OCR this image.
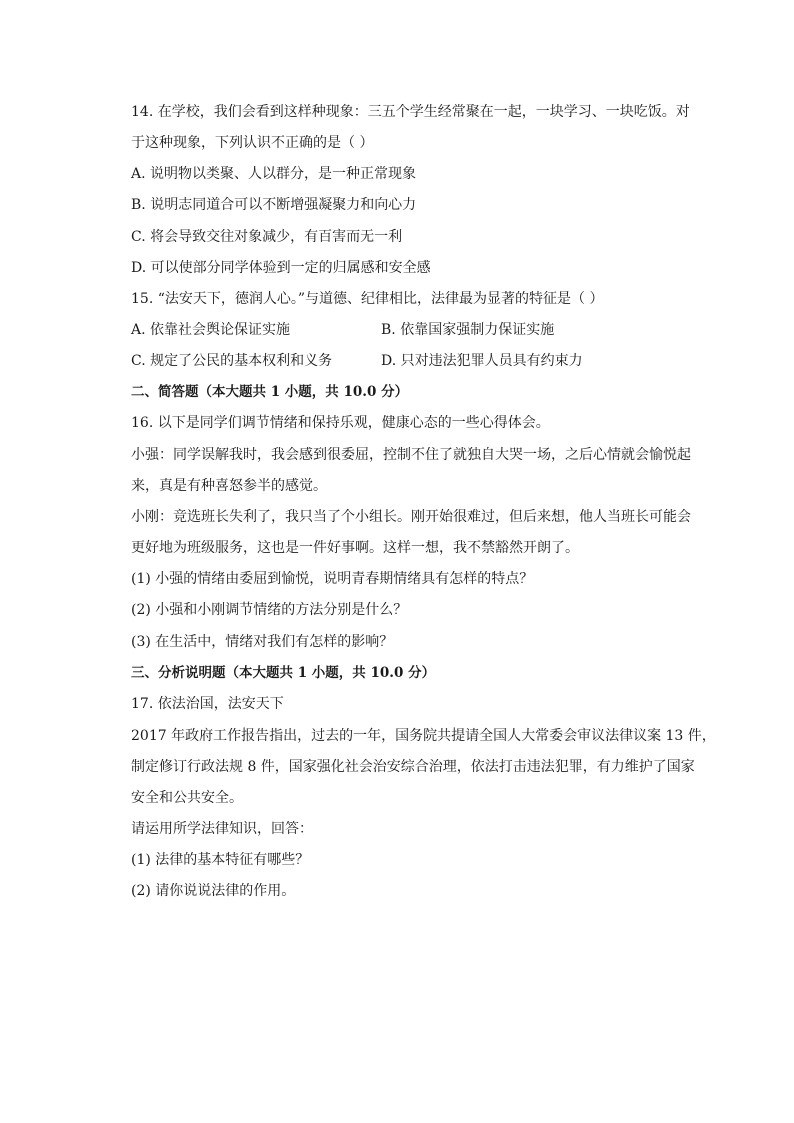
14. 在学校，我们会看到这样种现象：三五个学生经常聚在一起，一块学习、一块吃饭。对
于这种现象，下列认识不正确的是（ ）
A. 说明物以类聚、人以群分，是一种正常现象
B. 说明志同道合可以不断增强凝聚力和向心力
C. 将会导致交往对象减少，有百害而无一利
D. 可以使部分同学体验到一定的归属感和安全感
15. “法安天下，德润人心。”与道德、纪律相比，法律最为显著的特征是（ ）
A. 依靠社会舆论保证实施	B. 依靠国家强制力保证实施
C. 规定了公民的基本权利和义务	D. 只对违法犯罪人员具有约束力
二、简答题（本大题共 1 小题，共 10.0 分）
16. 以下是同学们调节情绪和保持乐观，健康心态的一些心得体会。
小强：同学误解我时，我会感到很委屈，控制不住了就独自大哭一场，之后心情就会愉悦起
来，真是有种喜怒参半的感觉。
小刚：竞选班长失利了，我只当了个小组长。刚开始很难过，但后来想，他人当班长可能会
更好地为班级服务，这也是一件好事啊。这样一想，我不禁豁然开朗了。
(1) 小强的情绪由委屈到愉悦，说明青春期情绪具有怎样的特点？
(2) 小强和小刚调节情绪的方法分别是什么？
(3) 在生活中，情绪对我们有怎样的影响？
三、分析说明题（本大题共 1 小题，共 10.0 分）
17. 依法治国，法安天下
2017 年政府工作报告指出，过去的一年，国务院共提请全国人大常委会审议法律议案 13 件，
制定修订行政法规 8 件，国家强化社会治安综合治理，依法打击违法犯罪，有力维护了国家
安全和公共安全。
请运用所学法律知识，回答：
(1) 法律的基本特征有哪些？
(2) 请你说说法律的作用。
